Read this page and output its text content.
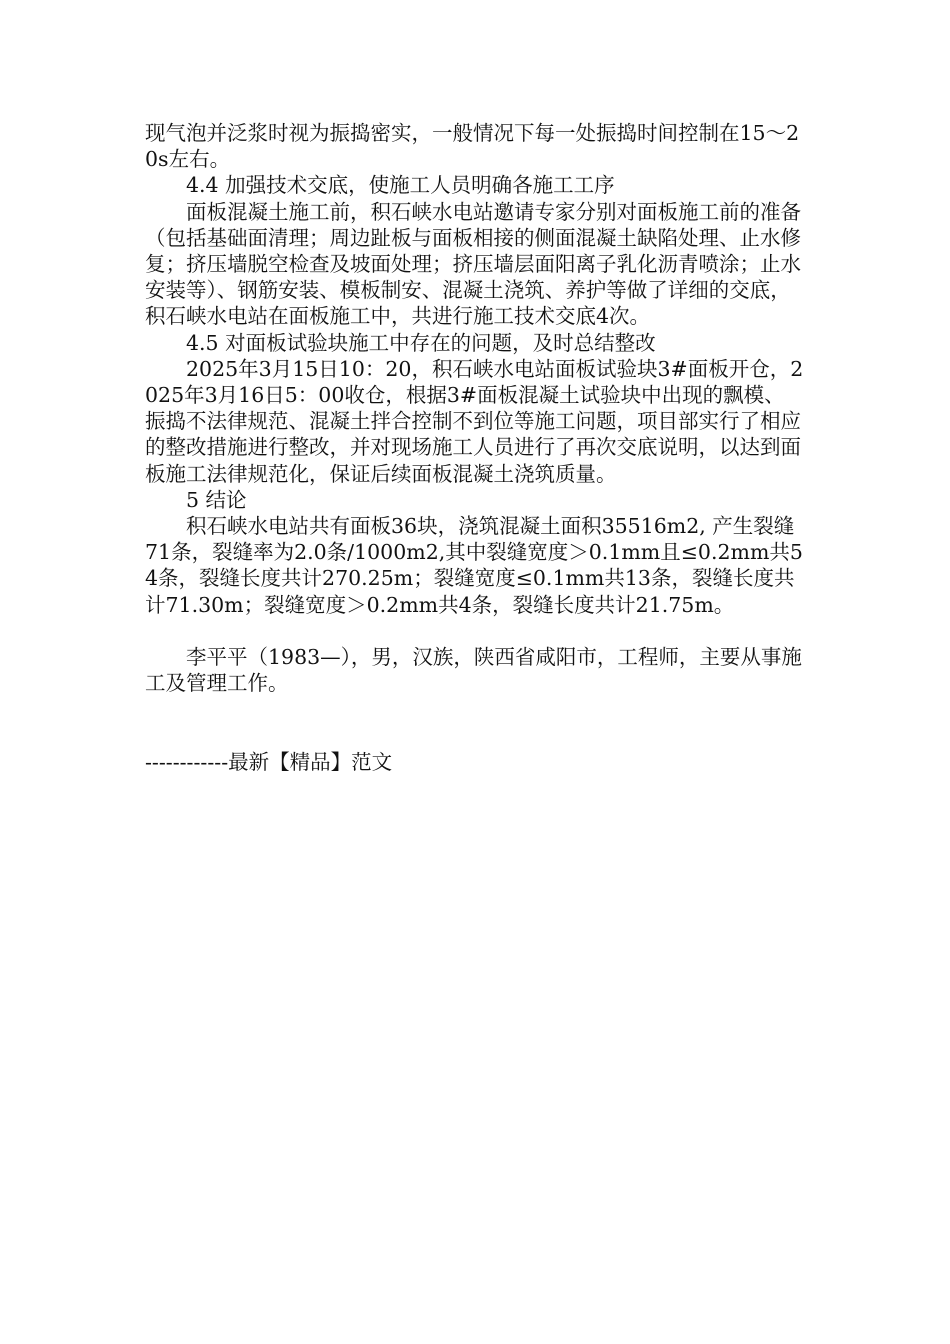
现气泡并泛浆时视为振捣密实，一般情况下每一处振捣时间控制在15～20s左右。

4.4 加强技术交底，使施工人员明确各施工工序

面板混凝土施工前，积石峡水电站邀请专家分别对面板施工前的准备（包括基础面清理；周边趾板与面板相接的侧面混凝土缺陷处理、止水修复；挤压墙脱空检查及坡面处理；挤压墙层面阳离子乳化沥青喷涂；止水安装等）、钢筋安装、模板制安、混凝土浇筑、养护等做了详细的交底，积石峡水电站在面板施工中，共进行施工技术交底4次。

4.5 对面板试验块施工中存在的问题，及时总结整改

2025年3月15日10：20，积石峡水电站面板试验块3#面板开仓，2025年3月16日5：00收仓，根据3#面板混凝土试验块中出现的飘模、振捣不法律规范、混凝土拌合控制不到位等施工问题，项目部实行了相应的整改措施进行整改，并对现场施工人员进行了再次交底说明，以达到面板施工法律规范化，保证后续面板混凝土浇筑质量。

5 结论

积石峡水电站共有面板36块，浇筑混凝土面积35516m2, 产生裂缝71条，裂缝率为2.0条/1000m2,其中裂缝宽度＞0.1mm且≤0.2mm共54条，裂缝长度共计270.25m；裂缝宽度≤0.1mm共13条，裂缝长度共计71.30m；裂缝宽度＞0.2mm共4条，裂缝长度共计21.75m。

李平平（1983—），男，汉族，陕西省咸阳市，工程师，主要从事施工及管理工作。

------------最新【精品】范文
